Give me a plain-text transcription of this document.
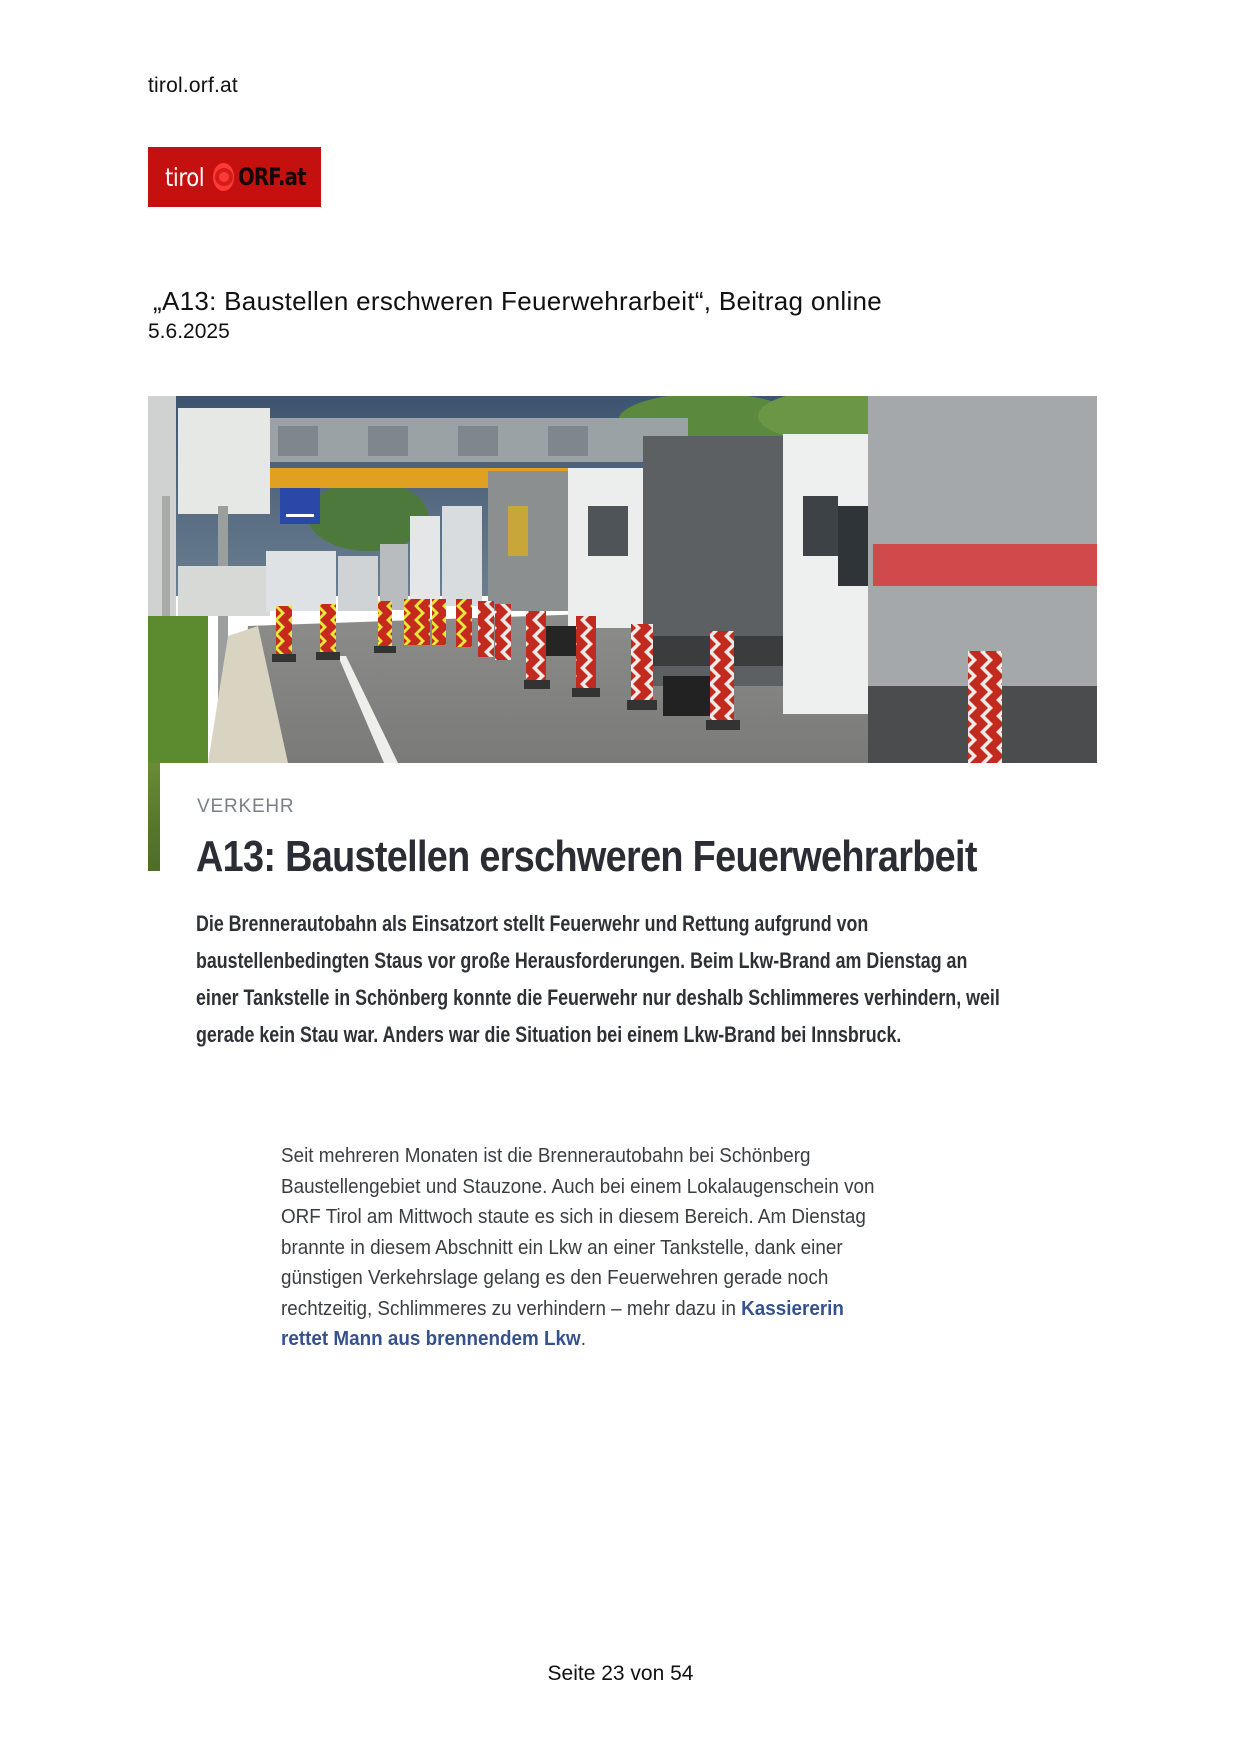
tirol.orf.at
tirol ORF.at
„A13: Baustellen erschweren Feuerwehrarbeit“, Beitrag online
5.6.2025
VERKEHR
A13: Baustellen erschweren Feuerwehrarbeit

Die Brennerautobahn als Einsatzort stellt Feuerwehr und Rettung aufgrund von

baustellenbedingten Staus vor große Herausforderungen. Beim Lkw-Brand am Dienstag an

einer Tankstelle in Schönberg konnte die Feuerwehr nur deshalb Schlimmeres verhindern, weil

gerade kein Stau war. Anders war die Situation bei einem Lkw-Brand bei Innsbruck.

Seit mehreren Monaten ist die Brennerautobahn bei Schönberg

Baustellengebiet und Stauzone. Auch bei einem Lokalaugenschein von

ORF Tirol am Mittwoch staute es sich in diesem Bereich. Am Dienstag

brannte in diesem Abschnitt ein Lkw an einer Tankstelle, dank einer

günstigen Verkehrslage gelang es den Feuerwehren gerade noch

rechtzeitig, Schlimmeres zu verhindern – mehr dazu in Kassiererin

rettet Mann aus brennendem Lkw.

Seite 23 von 54
